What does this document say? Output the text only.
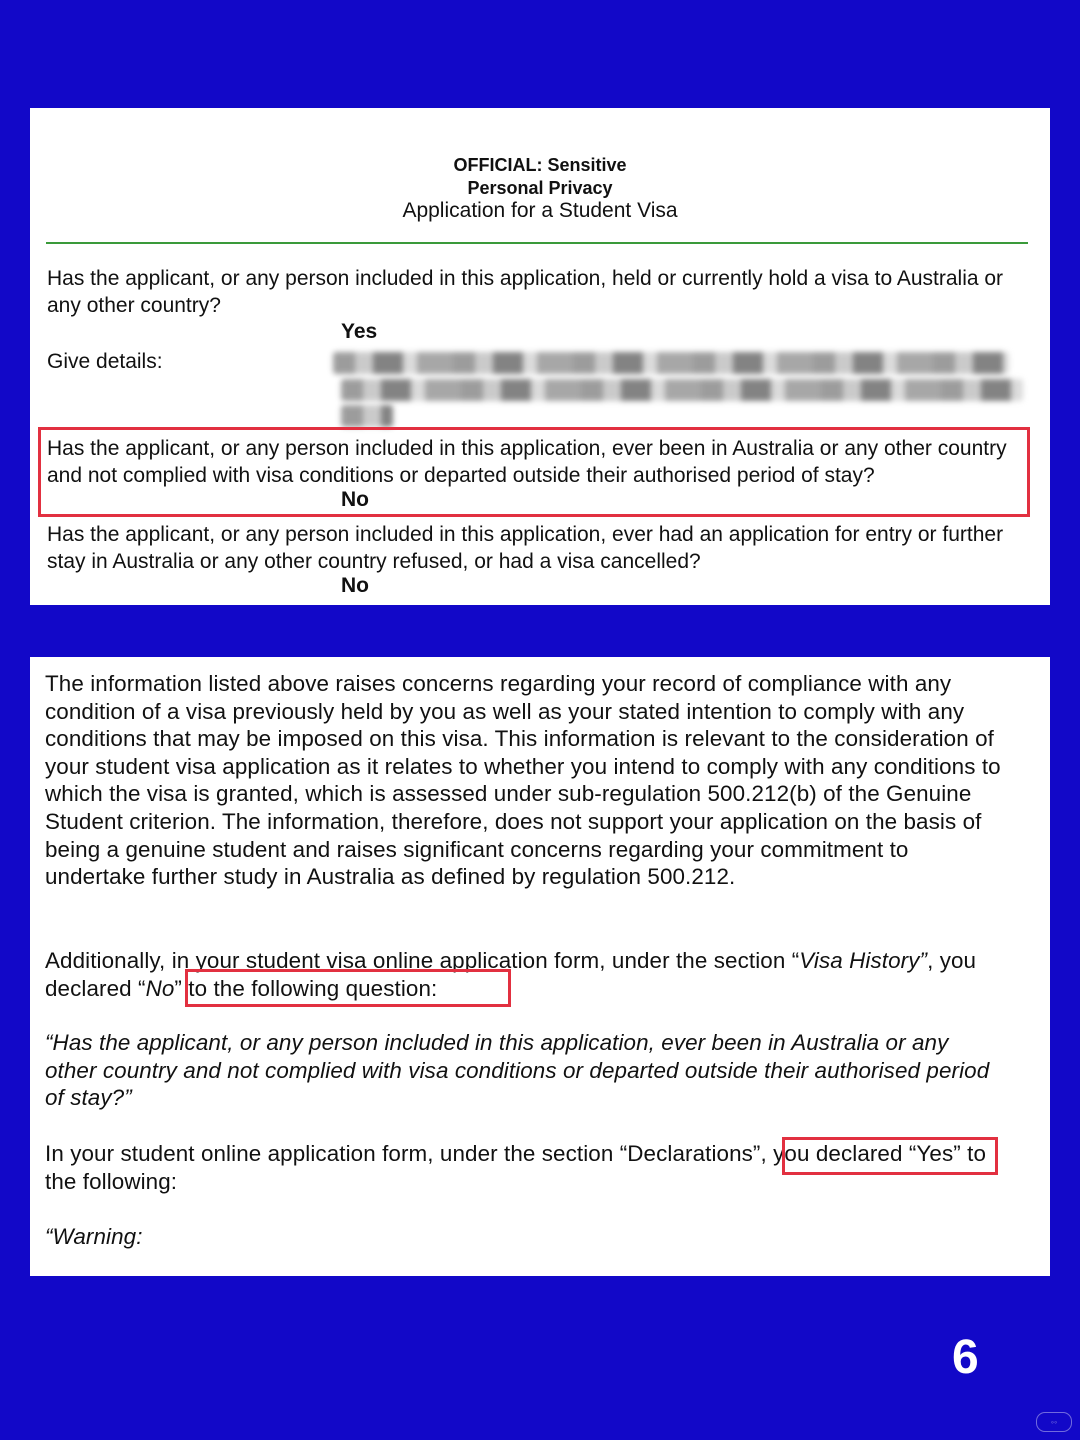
OFFICIAL: Sensitive
Personal Privacy
Application for a Student Visa
Has the applicant, or any person included in this application, held or currently hold a visa to Australia or any other country?
Yes
Give details:
Has the applicant, or any person included in this application, ever been in Australia or any other country and not complied with visa conditions or departed outside their authorised period of stay?
No
Has the applicant, or any person included in this application, ever had an application for entry or further stay in Australia or any other country refused, or had a visa cancelled?
No

The information listed above raises concerns regarding your record of compliance with any condition of a visa previously held by you as well as your stated intention to comply with any conditions that may be imposed on this visa. This information is relevant to the consideration of your student visa application as it relates to whether you intend to comply with any conditions to which the visa is granted, which is assessed under sub-regulation 500.212(b) of the Genuine Student criterion. The information, therefore, does not support your application on the basis of being a genuine student and raises significant concerns regarding your commitment to undertake further study in Australia as defined by regulation 500.212.

Additionally, in your student visa online application form, under the section “Visa History”, you declared “No” to the following question:

“Has the applicant, or any person included in this application, ever been in Australia or any other country and not complied with visa conditions or departed outside their authorised period of stay?”

In your student online application form, under the section “Declarations”, you declared “Yes” to the following:

“Warning:
6
◦◦
